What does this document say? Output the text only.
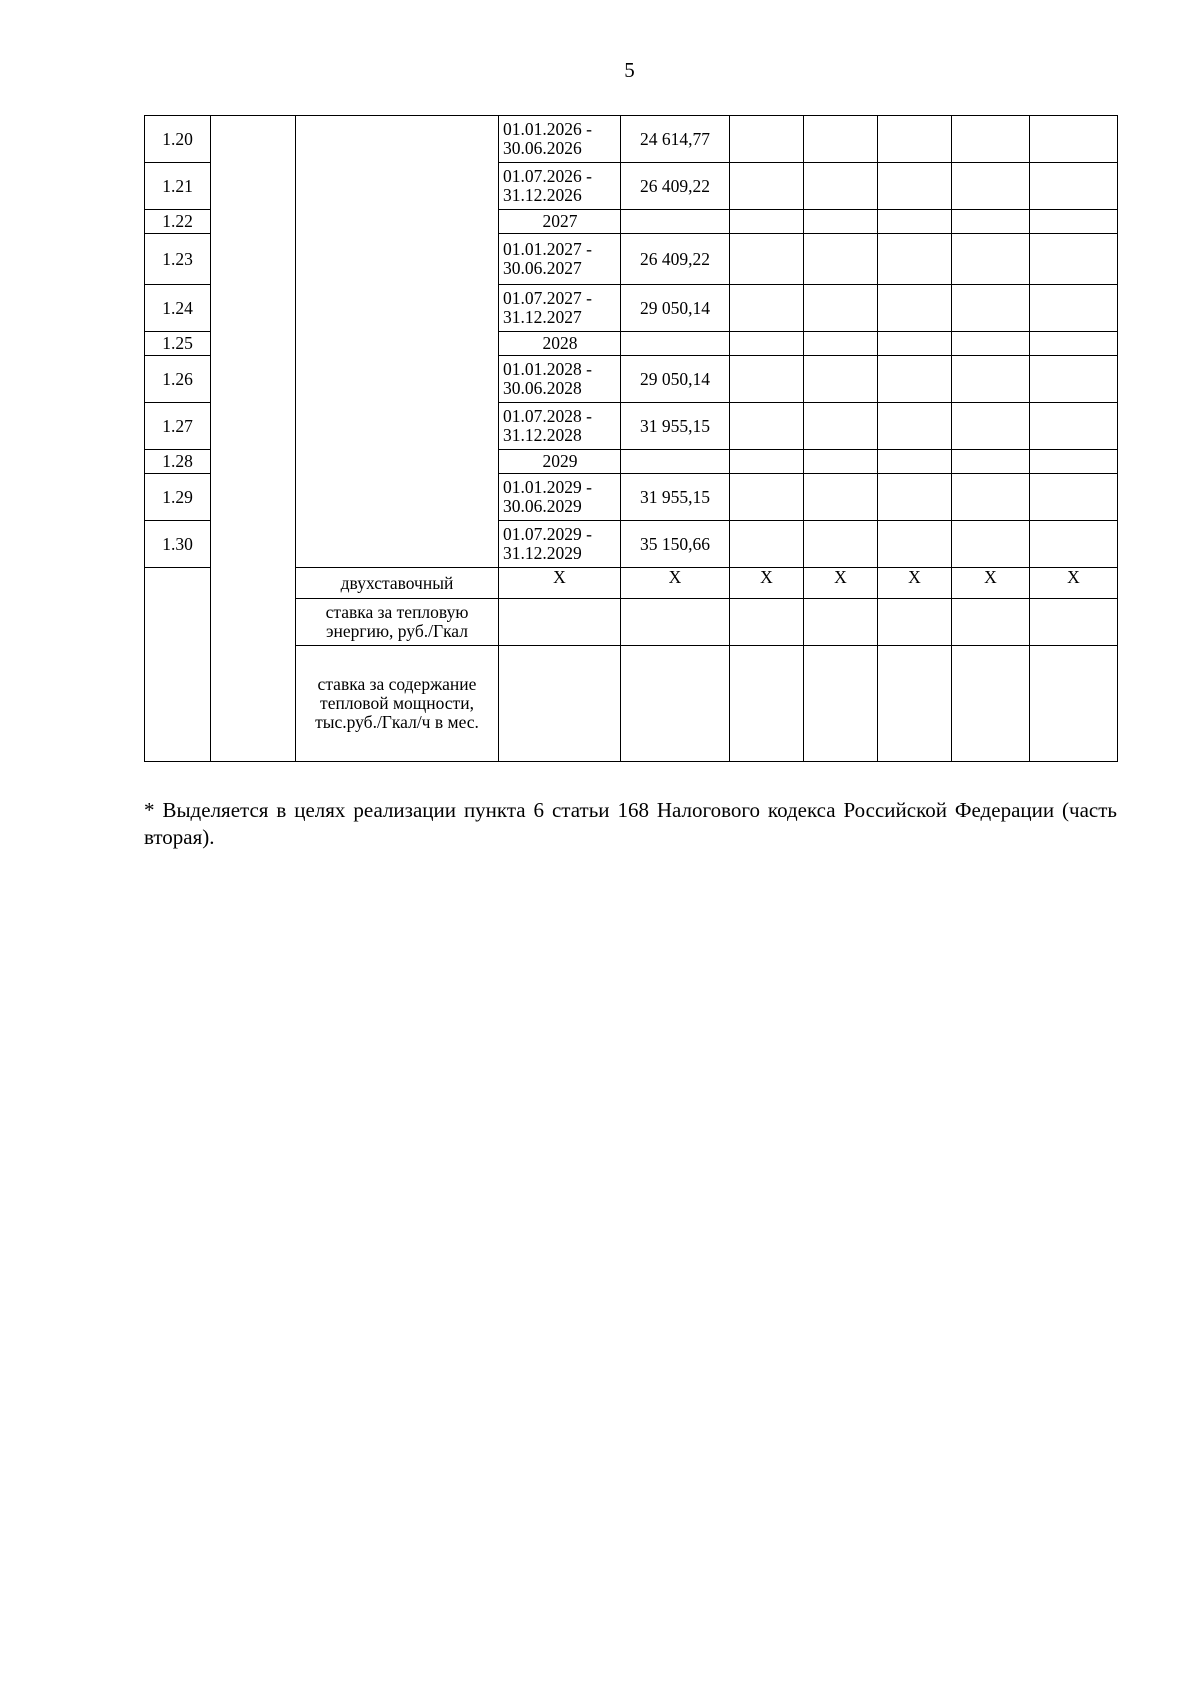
5
1.20			01.01.2026 - 30.06.2026	24 614,77					
1.21			01.07.2026 - 31.12.2026	26 409,22					
1.22			2027						
1.23			01.01.2027 - 30.06.2027	26 409,22					
1.24			01.07.2027 - 31.12.2027	29 050,14					
1.25			2028						
1.26			01.01.2028 - 30.06.2028	29 050,14					
1.27			01.07.2028 - 31.12.2028	31 955,15					
1.28			2029						
1.29			01.01.2029 - 30.06.2029	31 955,15					
1.30			01.07.2029 - 31.12.2029	35 150,66					
		двухставочный	Х	Х	Х	Х	Х	Х	Х
		ставка за тепловую энергию, руб./Гкал							
		ставка за содержание тепловой мощности, тыс.руб./Гкал/ч в мес.							
* Выделяется в целях реализации пункта 6 статьи 168 Налогового кодекса Российской Федерации (часть вторая).
